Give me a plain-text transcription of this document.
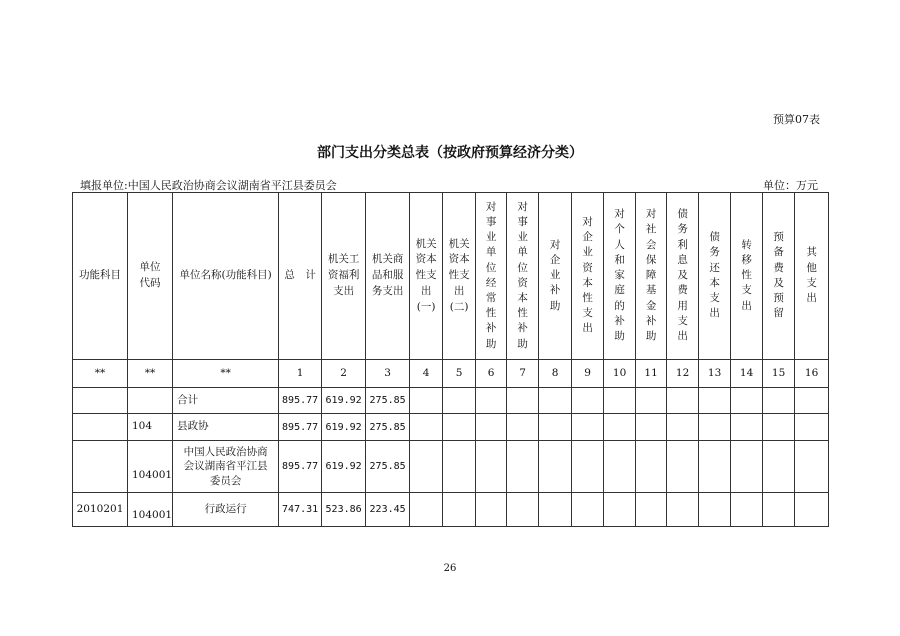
预算07表
部门支出分类总表（按政府预算经济分类）
填报单位:中国人民政治协商会议湖南省平江县委员会	单位：万元
功能科目	单位代码	单位名称(功能科目)	总　计	机关工资福利支出	机关商品和服务支出	机关资本性支出(一)	机关资本性支出(二)	对事业单位经常性补助	对事业单位资本性补助	对企业补助	对企业资本性支出	对个人和家庭的补助	对社会保障基金补助	债务利息及费用支出	债务还本支出	转移性支出	预备费及预留	其他支出
**	**	**	1	2	3	4	5	6	7	8	9	10	11	12	13	14	15	16
		合计	895.77	619.92	275.85													
	104	县政协	895.77	619.92	275.85													
	104001	中国人民政治协商会议湖南省平江县委员会	895.77	619.92	275.85													
2010201	104001	行政运行	747.31	523.86	223.45													
26
